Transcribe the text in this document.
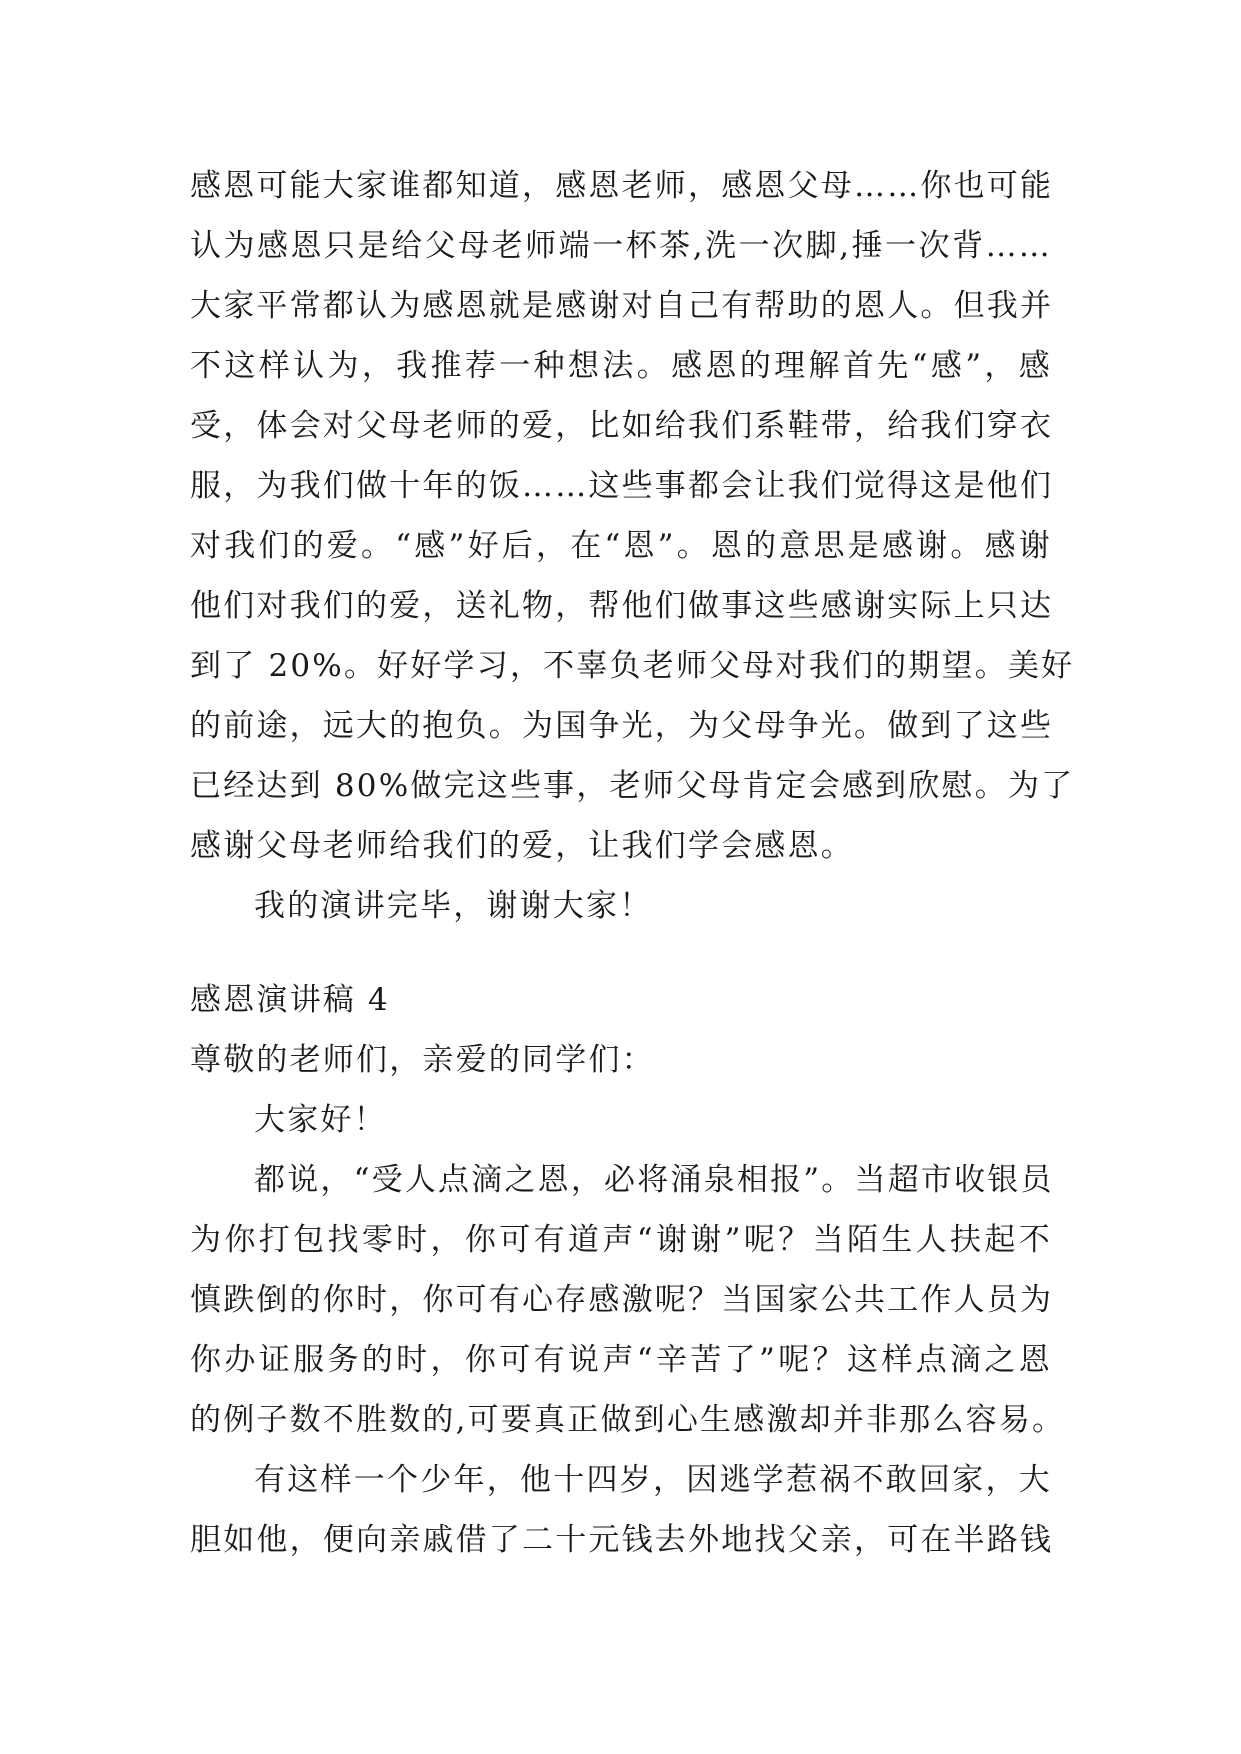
感恩可能大家谁都知道，感恩老师，感恩父母……你也可能
认为感恩只是给父母老师端一杯茶,洗一次脚,捶一次背……
大家平常都认为感恩就是感谢对自己有帮助的恩人。但我并
不这样认为，我推荐一种想法。感恩的理解首先“感”，感
受，体会对父母老师的爱，比如给我们系鞋带，给我们穿衣
服，为我们做十年的饭……这些事都会让我们觉得这是他们
对我们的爱。“感”好后，在“恩”。恩的意思是感谢。感谢
他们对我们的爱，送礼物，帮他们做事这些感谢实际上只达
到了 20%。好好学习，不辜负老师父母对我们的期望。美好
的前途，远大的抱负。为国争光，为父母争光。做到了这些
已经达到 80%做完这些事，老师父母肯定会感到欣慰。为了
感谢父母老师给我们的爱，让我们学会感恩。
我的演讲完毕，谢谢大家！
感恩演讲稿 4
尊敬的老师们，亲爱的同学们：
大家好！
都说，“受人点滴之恩，必将涌泉相报”。当超市收银员
为你打包找零时，你可有道声“谢谢”呢？当陌生人扶起不
慎跌倒的你时，你可有心存感激呢？当国家公共工作人员为
你办证服务的时，你可有说声“辛苦了”呢？这样点滴之恩
的例子数不胜数的,可要真正做到心生感激却并非那么容易。
有这样一个少年，他十四岁，因逃学惹祸不敢回家，大
胆如他，便向亲戚借了二十元钱去外地找父亲，可在半路钱
